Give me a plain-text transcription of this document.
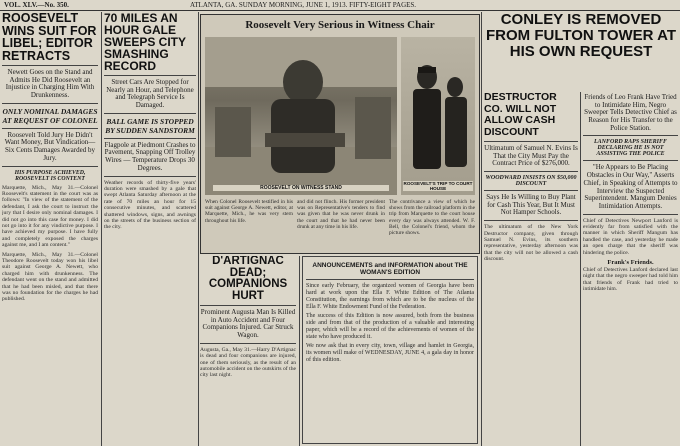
VOL. XLV.—No. 350.	ATLANTA, GA. SUNDAY MORNING, JUNE 1, 1913. FIFTY-EIGHT PAGES.
ROOSEVELT WINS SUIT FOR LIBEL; EDITOR RETRACTS
Newett Goes on the Stand and Admits He Did Roosevelt an Injustice in Charging Him With Drunkenness.
ONLY NOMINAL DAMAGES AT REQUEST OF COLONEL
Roosevelt Told Jury He Didn't Want Money, But Vindication—Six Cents Damages Awarded by Jury.
HIS PURPOSE ACHIEVED, ROOSEVELT IS CONTENT

Marquette, Mich., May 31.—Colonel Roosevelt's statement in the court was as follows: "In view of the statement of the defendant, I ask the court to instruct the jury that I desire only nominal damages. I did not go into this case for money. I did not go into it for any vindictive purpose. I have achieved my purpose. I have fully and completely exposed the charges against me, and I am content."

Marquette, Mich., May 31.—Colonel Theodore Roosevelt today won his libel suit against George A. Newett, who charged him with drunkenness. The defendant went on the stand and admitted that he had been misled, and that there was no foundation for the charges he had published.

70 MILES AN HOUR GALE SWEEPS CITY SMASHING RECORD
Street Cars Are Stopped for Nearly an Hour, and Telephone and Telegraph Service Is Damaged.
BALL GAME IS STOPPED BY SUDDEN SANDSTORM
Flagpole at Piedmont Crashes to Pavement, Snapping Off Trolley Wires — Temperature Drops 30 Degrees.

Weather records of thirty-five years' duration were smashed by a gale that swept Atlanta Saturday afternoon at the rate of 70 miles an hour for 15 consecutive minutes, and scattered shattered windows, signs, and awnings on the streets of the business section of the city.

Roosevelt Very Serious in Witness Chair
ROOSEVELT ON WITNESS STAND
ROOSEVELT'S TRIP TO COURT HOUSE
When Colonel Roosevelt testified in his suit against George A. Newett, editor, at Marquette, Mich., he was very stern throughout his life.
and did not flinch. His former president was on Representative's tenders to find was given that he was never drunk in the court and that he had never been drunk at any time in his life.
The contrivance a view of which he shows from the railroad platform in the trip from Marquette to the court house every day was always attended. W. F. Bell, the Colonel's friend, whom the picture shows.
D'ARTIGNAC DEAD; COMPANIONS HURT
Prominent Augusta Man Is Killed in Auto Accident and Four Companions Injured. Car Struck Wagon.

Augusta, Ga., May 31.—Harry D'Artignac is dead and four companions are injured, one of them seriously, as the result of an automobile accident on the outskirts of the city last night.

ANNOUNCEMENTS and INFORMATION about THE WOMAN'S EDITION

Since early February, the organized women of Georgia have been hard at work upon the Ella F. White Edition of The Atlanta Constitution, the earnings from which are to be the nucleus of the Ella F. White Endowment Fund of the Federation.

The success of this Edition is now assured, both from the business side and from that of the production of a valuable and interesting paper, which will be a record of the achievements of women of the state who have produced it.

We now ask that in every city, town, village and hamlet in Georgia, its women will make of WEDNESDAY, JUNE 4, a gala day in honor of this edition.

CONLEY IS REMOVED FROM FULTON TOWER AT HIS OWN REQUEST
DESTRUCTOR CO. WILL NOT ALLOW CASH DISCOUNT
Ultimatum of Samuel N. Evins Is That the City Must Pay the Contract Price of $276,000.
WOODWARD INSISTS ON $50,000 DISCOUNT
Says He Is Willing to Buy Plant for Cash This Year, But It Must Not Hamper Schools.

The ultimatum of the New York Destructor company, given through Samuel N. Evins, its southern representative, yesterday afternoon was that the city will not be allowed a cash discount.

Friends of Leo Frank Have Tried to Intimidate Him, Negro Sweeper Tells Detective Chief as Reason for His Transfer to the Police Station.
LANFORD RAPS SHERIFF DECLARING HE IS NOT ASSISTING THE POLICE
"He Appears to Be Placing Obstacles in Our Way," Asserts Chief, in Speaking of Attempts to Interview the Suspected Superintendent. Mangum Denies Intimidation Attempts.

Chief of Detectives Newport Lanford is evidently far from satisfied with the manner in which Sheriff Mangum has handled the case, and yesterday he made an open charge that the sheriff was hindering the police.

Frank's Friends.

Chief of Detectives Lanford declared last night that the negro sweeper had told him that friends of Frank had tried to intimidate him.
